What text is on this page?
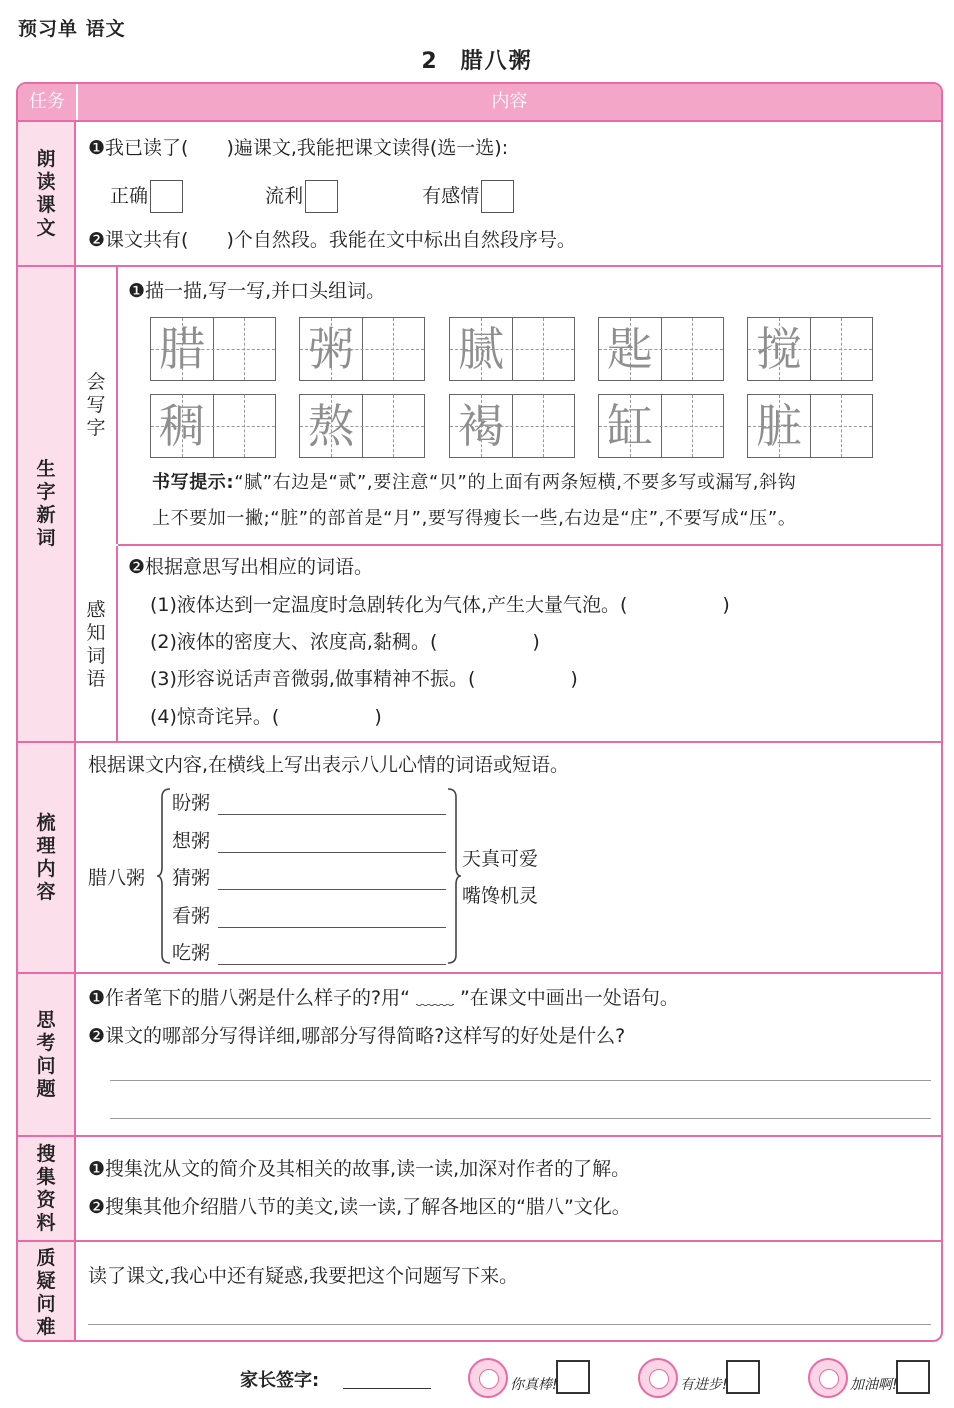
预习单 语文
2 腊八粥
任务	内容
朗
读
课
文
❶我已读了(　　)遍课文,我能把课文读得(选一选):
正确	流利	有感情
❷课文共有(　　)个自然段。我能在文中标出自然段序号。
生
字
新
词
会
写
字
❶描一描,写一写,并口头组词。
腊 粥 腻 匙 搅
稠 熬 褐 缸 脏
书写提示:“腻”右边是“贰”,要注意“贝”的上面有两条短横,不要多写或漏写,斜钩
上不要加一撇;“脏”的部首是“月”,要写得瘦长一些,右边是“庄”,不要写成“压”。
感
知
词
语
❷根据意思写出相应的词语。
(1)液体达到一定温度时急剧转化为气体,产生大量气泡。(　　　　　)
(2)液体的密度大、浓度高,黏稠。(　　　　　)
(3)形容说话声音微弱,做事精神不振。(　　　　　)
(4)惊奇诧异。(　　　　　)
梳
理
内
容
根据课文内容,在横线上写出表示八儿心情的词语或短语。
腊八粥
盼粥
想粥
猜粥
看粥
吃粥
天真可爱
嘴馋机灵
思
考
问
题
❶作者笔下的腊八粥是什么样子的?用“ ﹏﹏ ”在课文中画出一处语句。
❷课文的哪部分写得详细,哪部分写得简略?这样写的好处是什么?
搜
集
资
料
❶搜集沈从文的简介及其相关的故事,读一读,加深对作者的了解。
❷搜集其他介绍腊八节的美文,读一读,了解各地区的“腊八”文化。
质
疑
问
难
读了课文,我心中还有疑惑,我要把这个问题写下来。
家长签字:	你真棒!	有进步!	加油啊!
